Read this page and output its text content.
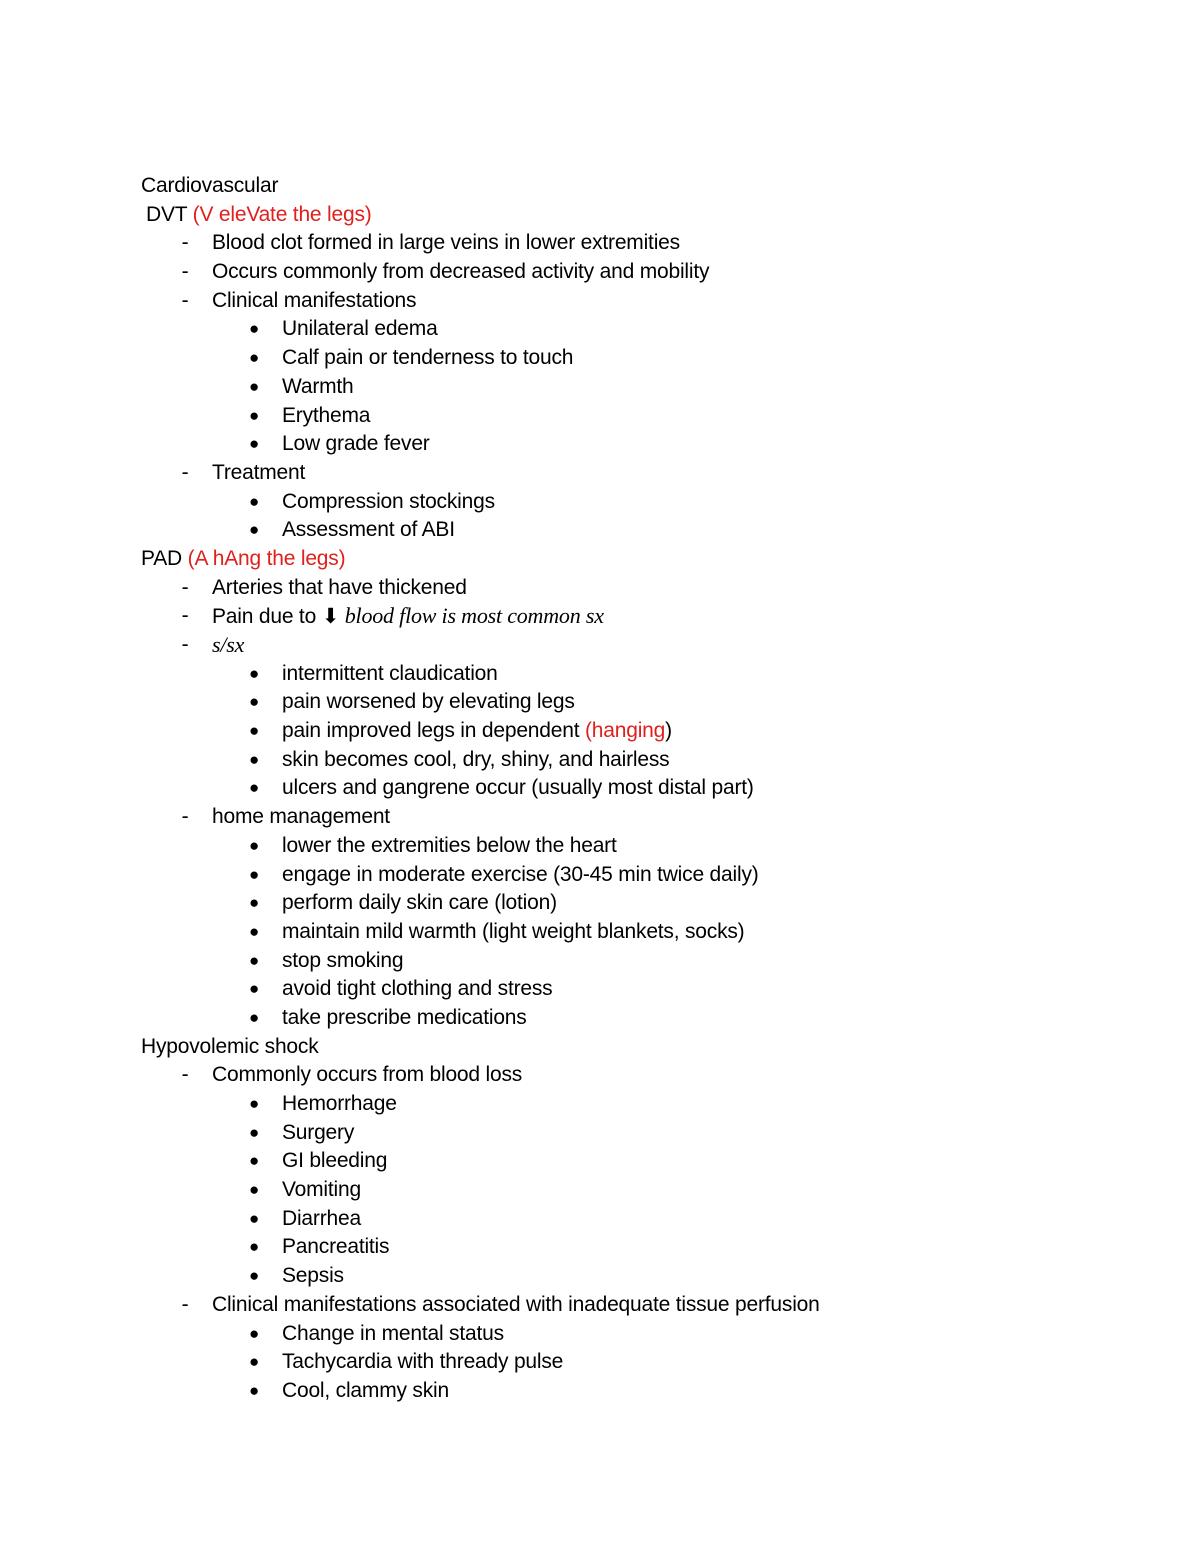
Cardiovascular
DVT (V eleVate the legs)
-	Blood clot formed in large veins in lower extremities
-	Occurs commonly from decreased activity and mobility
-	Clinical manifestations
● Unilateral edema
● Calf pain or tenderness to touch
● Warmth
● Erythema
● Low grade fever
-	Treatment
● Compression stockings
● Assessment of ABI
PAD (A hAng the legs)
-	Arteries that have thickened
-	Pain due to ⬇ blood flow is most common sx
-	s/sx
● intermittent claudication
● pain worsened by elevating legs
● pain improved legs in dependent (hanging)
● skin becomes cool, dry, shiny, and hairless
● ulcers and gangrene occur (usually most distal part)
-	home management
● lower the extremities below the heart
● engage in moderate exercise (30-45 min twice daily)
● perform daily skin care (lotion)
● maintain mild warmth (light weight blankets, socks)
● stop smoking
● avoid tight clothing and stress
● take prescribe medications
Hypovolemic shock
-	Commonly occurs from blood loss
● Hemorrhage
● Surgery
● GI bleeding
● Vomiting
● Diarrhea
● Pancreatitis
● Sepsis
-	Clinical manifestations associated with inadequate tissue perfusion
● Change in mental status
● Tachycardia with thready pulse
● Cool, clammy skin
